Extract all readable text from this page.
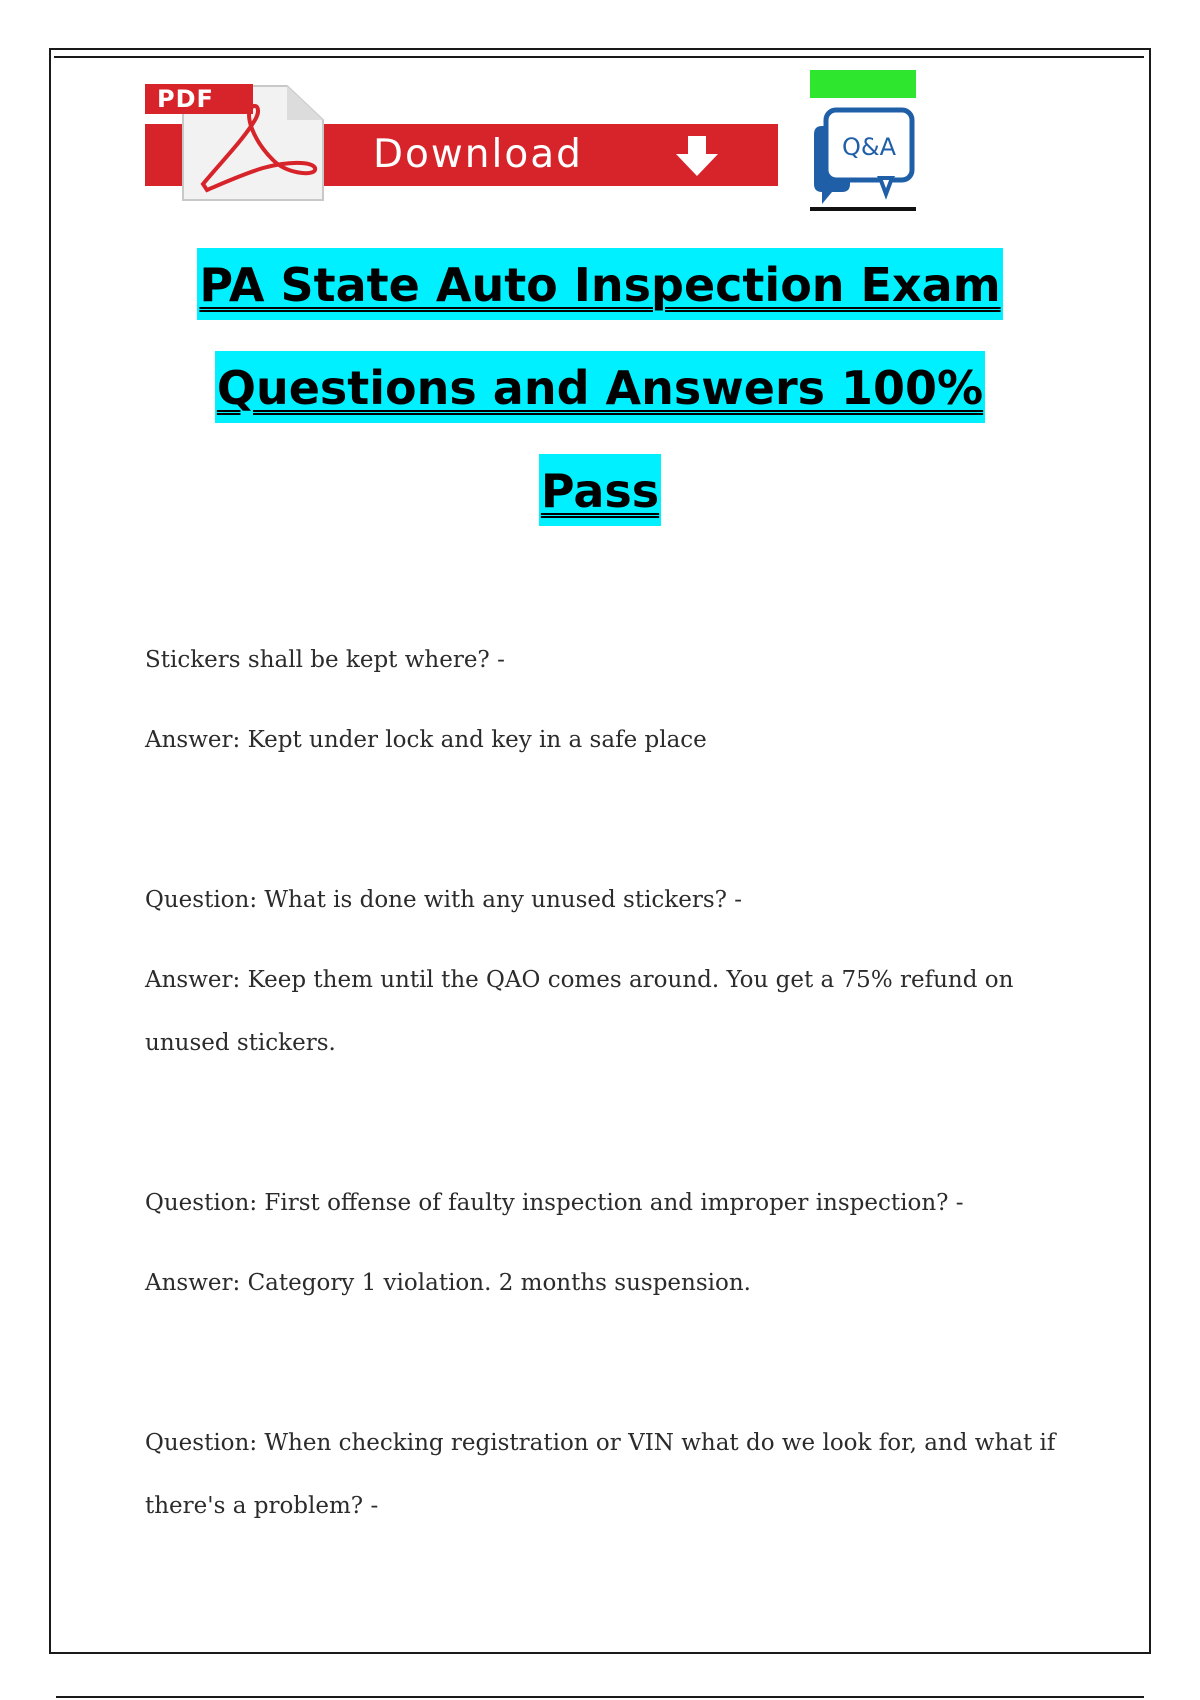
PDF
Download	Q&A
PA State Auto Inspection Exam
Questions and Answers 100%
Pass
Stickers shall be kept where? -
Answer: Kept under lock and key in a safe place
Question: What is done with any unused stickers? -
Answer: Keep them until the QAO comes around. You get a 75% refund on
unused stickers.
Question: First offense of faulty inspection and improper inspection? -
Answer: Category 1 violation. 2 months suspension.
Question: When checking registration or VIN what do we look for, and what if
there's a problem? -
